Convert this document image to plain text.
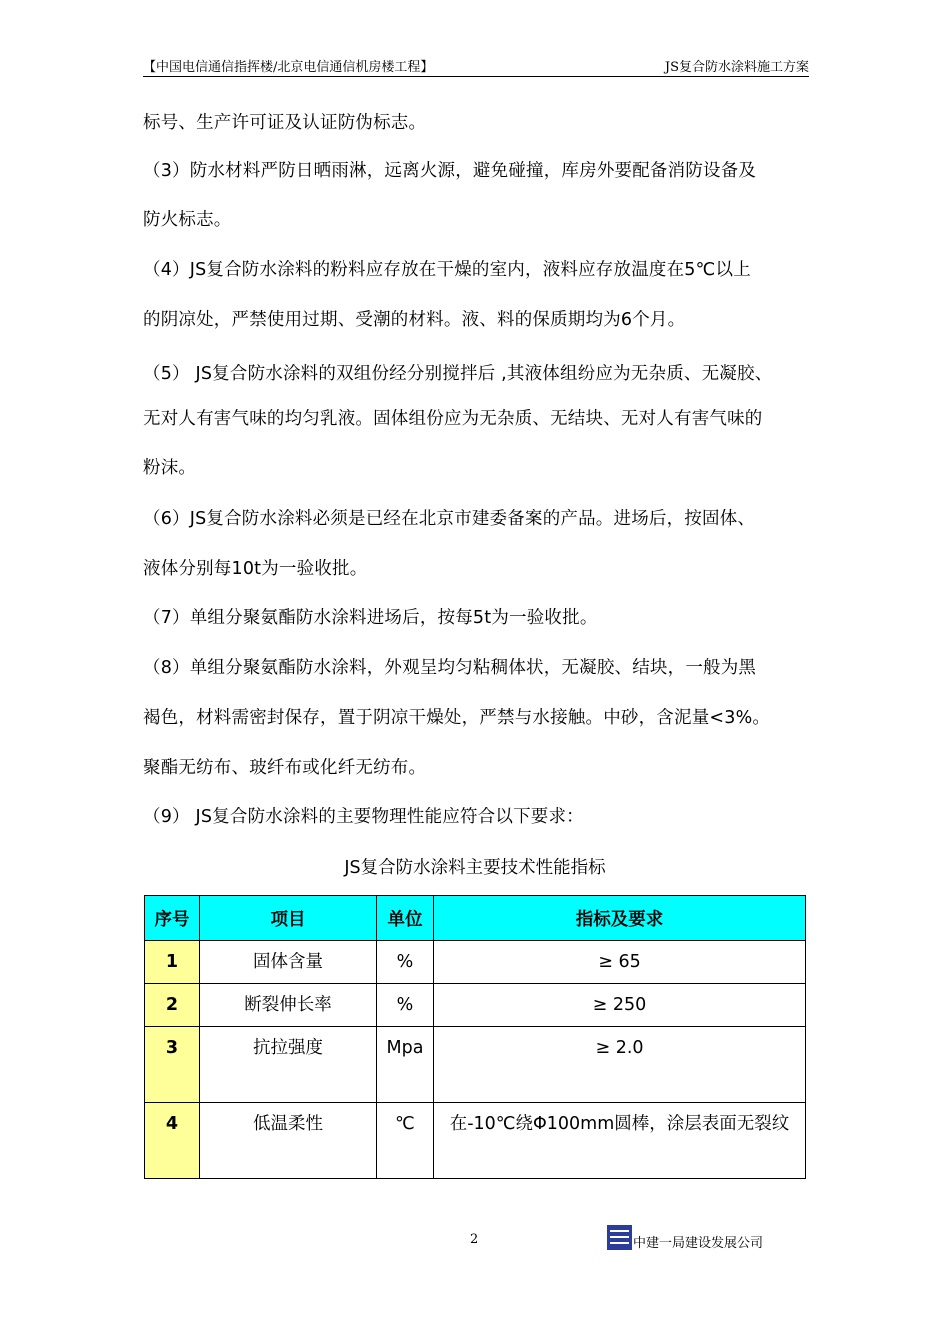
【中国电信通信指挥楼/北京电信通信机房楼工程】	JS复合防水涂料施工方案
标号、生产许可证及认证防伪标志。
（3）防水材料严防日晒雨淋，远离火源，避免碰撞，库房外要配备消防设备及
防火标志。
（4）JS复合防水涂料的粉料应存放在干燥的室内，液料应存放温度在5℃以上
的阴凉处，严禁使用过期、受潮的材料。液、料的保质期均为6个月。
（5） JS复合防水涂料的双组份经分别搅拌后 ,其液体组纷应为无杂质、无凝胶、
无对人有害气味的均匀乳液。固体组份应为无杂质、无结块、无对人有害气味的
粉沫。
（6）JS复合防水涂料必须是已经在北京市建委备案的产品。进场后，按固体、
液体分别每10t为一验收批。
（7）单组分聚氨酯防水涂料进场后，按每5t为一验收批。
（8）单组分聚氨酯防水涂料，外观呈均匀粘稠体状，无凝胶、结块，一般为黑
褐色，材料需密封保存，置于阴凉干燥处，严禁与水接触。中砂，含泥量<3%。
聚酯无纺布、玻纤布或化纤无纺布。
（9） JS复合防水涂料的主要物理性能应符合以下要求：
JS复合防水涂料主要技术性能指标
序号	项目	单位	指标及要求
1	固体含量	%	≥ 65
2	断裂伸长率	%	≥ 250
3	抗拉强度	Mpa	≥ 2.0
4	低温柔性	℃	在-10℃绕Φ100mm圆棒，涂层表面无裂纹
2	中建一局建设发展公司
